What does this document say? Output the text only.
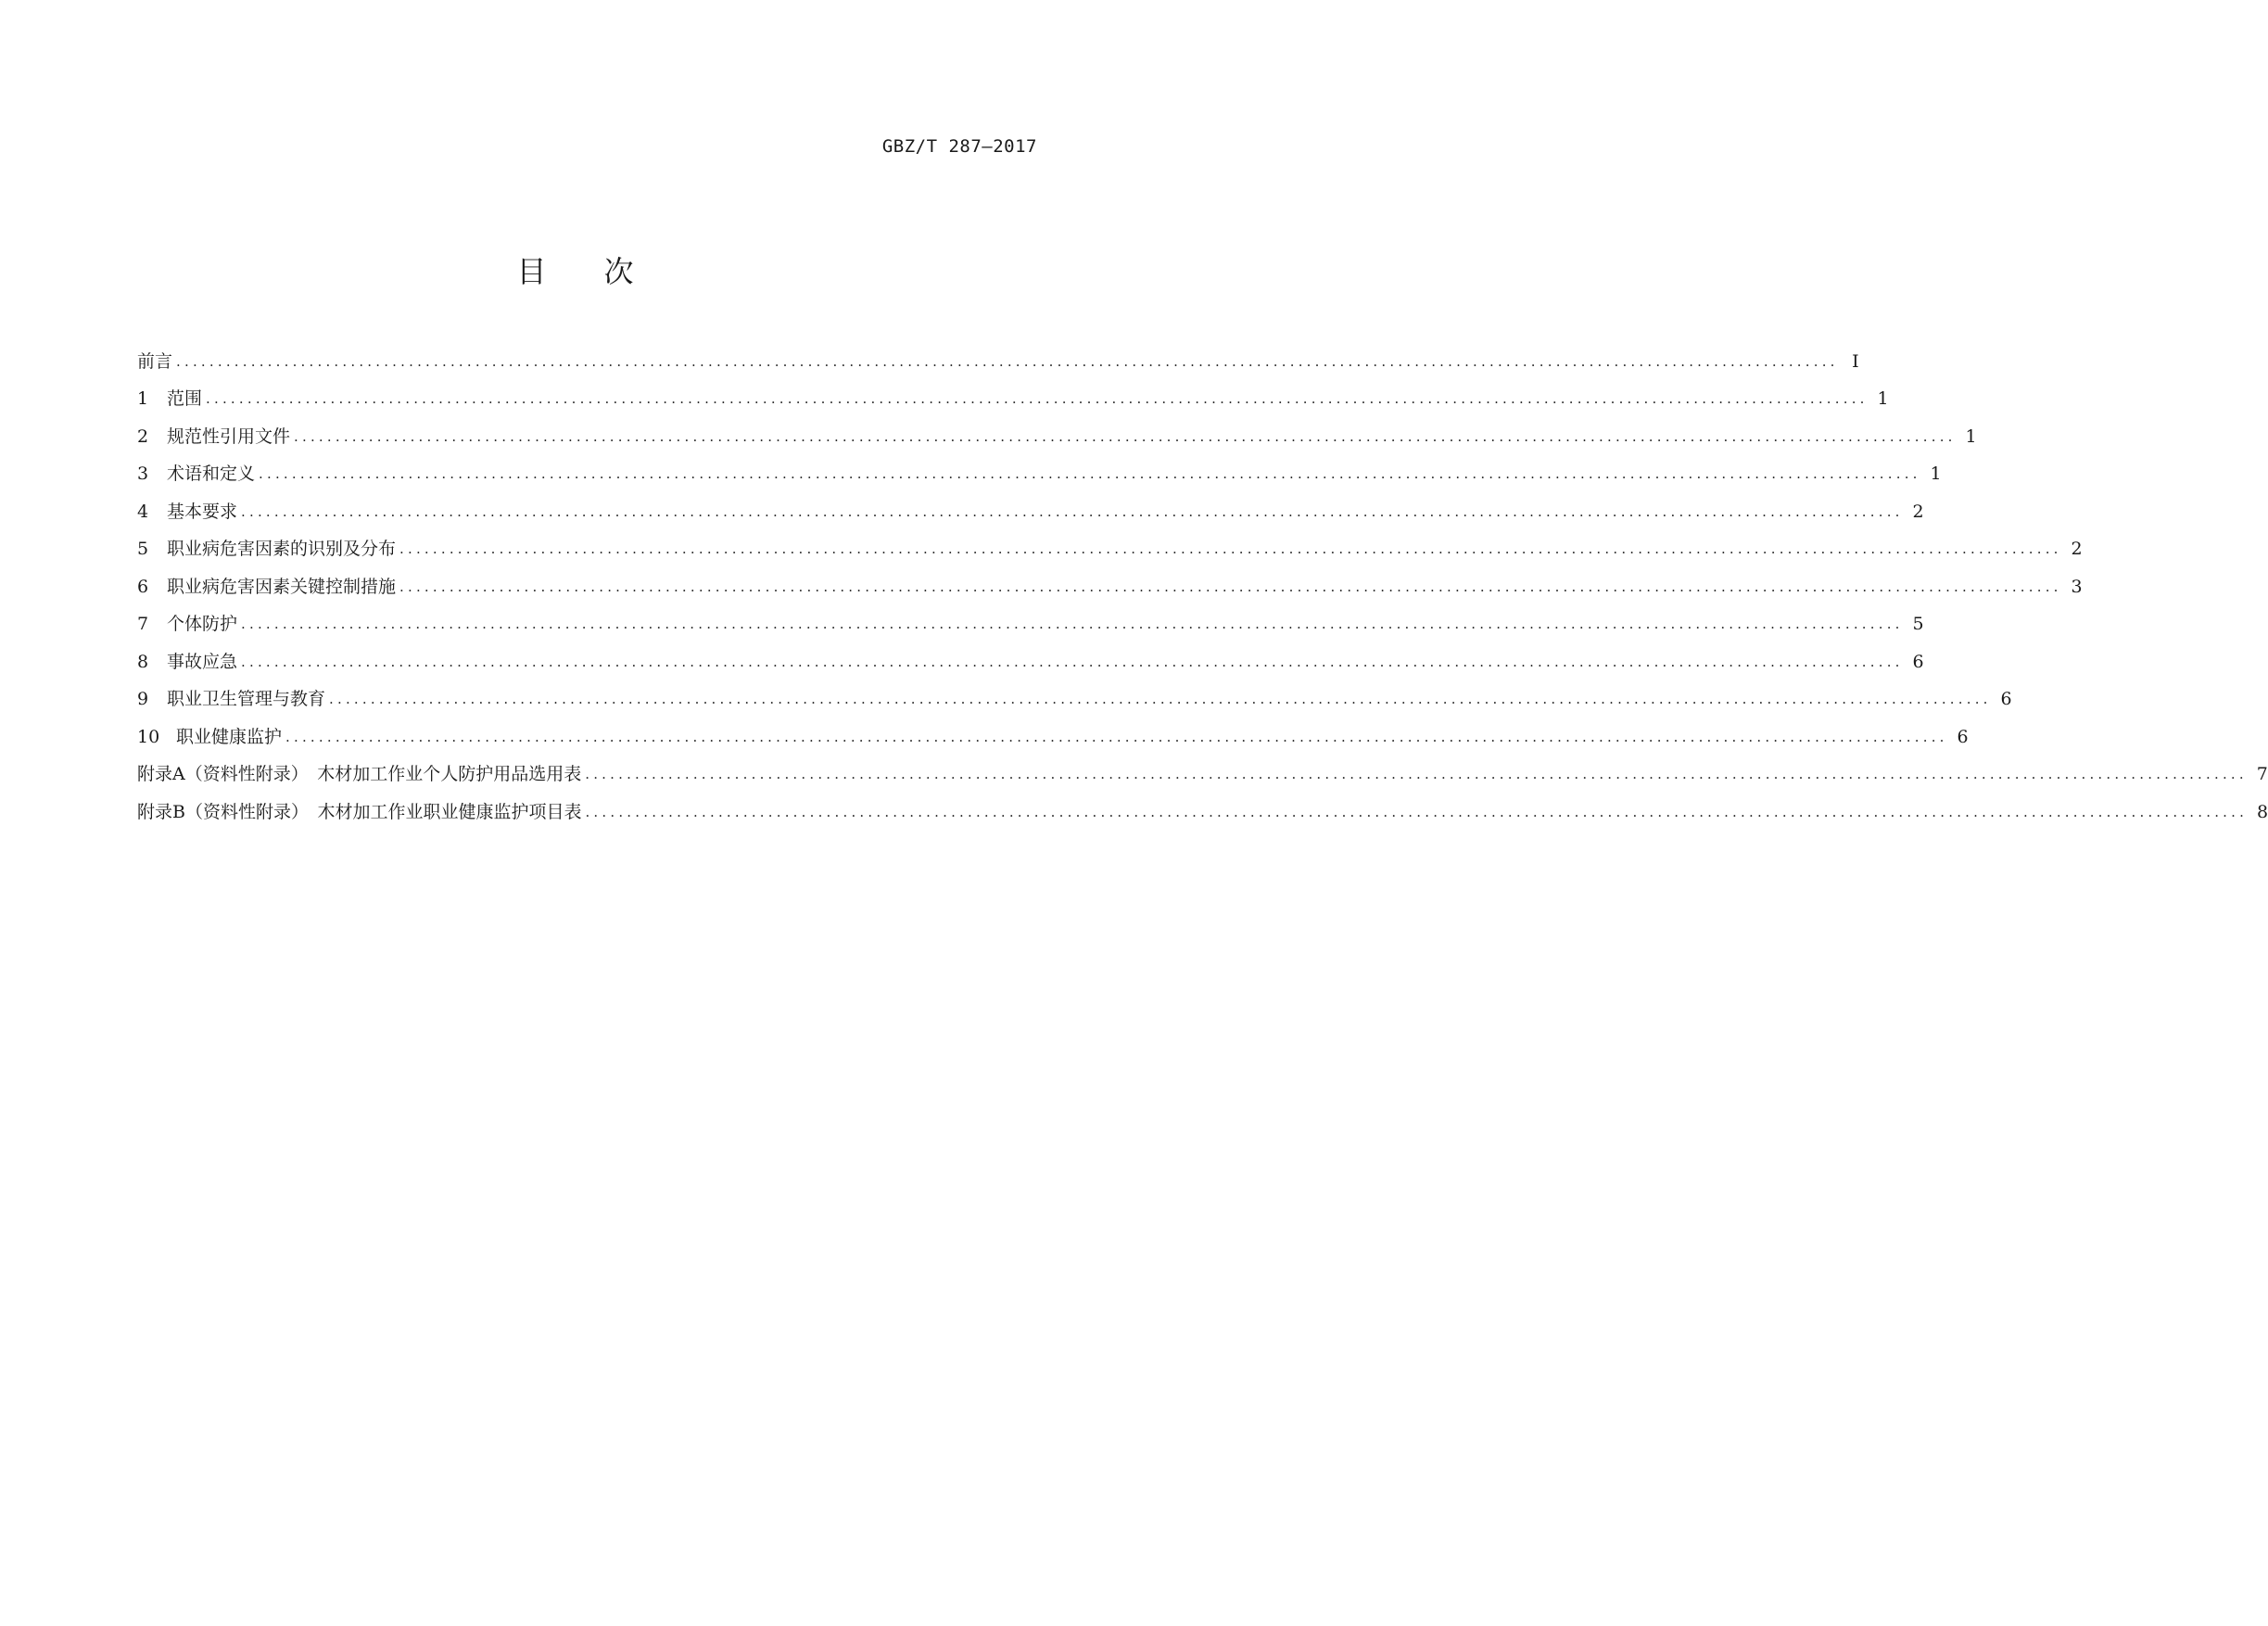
GBZ/T 287—2017
目次
前言 ........................................................................................................................................................................................................ I
1	范围 ........................................................................................................................................................................................................ 1
2	规范性引用文件 ........................................................................................................................................................................................................ 1
3	术语和定义 ........................................................................................................................................................................................................ 1
4	基本要求 ........................................................................................................................................................................................................ 2
5	职业病危害因素的识别及分布 ........................................................................................................................................................................................................ 2
6	职业病危害因素关键控制措施 ........................................................................................................................................................................................................ 3
7	个体防护 ........................................................................................................................................................................................................ 5
8	事故应急 ........................................................................................................................................................................................................ 6
9	职业卫生管理与教育 ........................................................................................................................................................................................................ 6
10 职业健康监护 ........................................................................................................................................................................................................ 6
附录A（资料性附录）　木材加工作业个人防护用品选用表 ........................................................................................................................................................................................................ 7
附录B（资料性附录）　木材加工作业职业健康监护项目表 ........................................................................................................................................................................................................ 8
